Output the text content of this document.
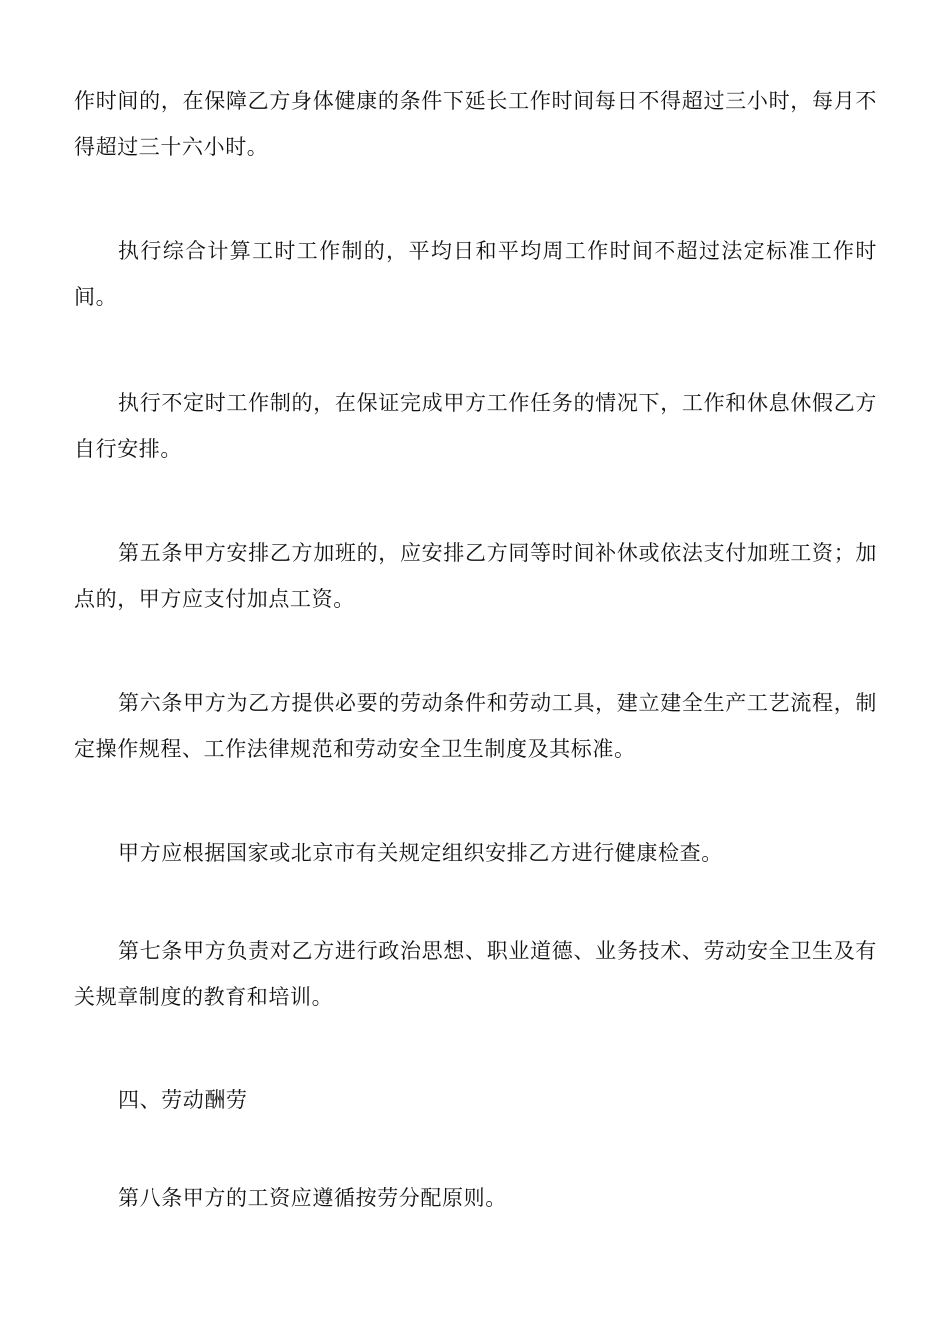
作时间的，在保障乙方身体健康的条件下延长工作时间每日不得超过三小时，每月不得超过三十六小时。

执行综合计算工时工作制的，平均日和平均周工作时间不超过法定标准工作时间。

执行不定时工作制的，在保证完成甲方工作任务的情况下，工作和休息休假乙方自行安排。

第五条甲方安排乙方加班的，应安排乙方同等时间补休或依法支付加班工资；加点的，甲方应支付加点工资。

第六条甲方为乙方提供必要的劳动条件和劳动工具，建立建全生产工艺流程，制定操作规程、工作法律规范和劳动安全卫生制度及其标准。

甲方应根据国家或北京市有关规定组织安排乙方进行健康检查。

第七条甲方负责对乙方进行政治思想、职业道德、业务技术、劳动安全卫生及有关规章制度的教育和培训。

四、劳动酬劳

第八条甲方的工资应遵循按劳分配原则。
